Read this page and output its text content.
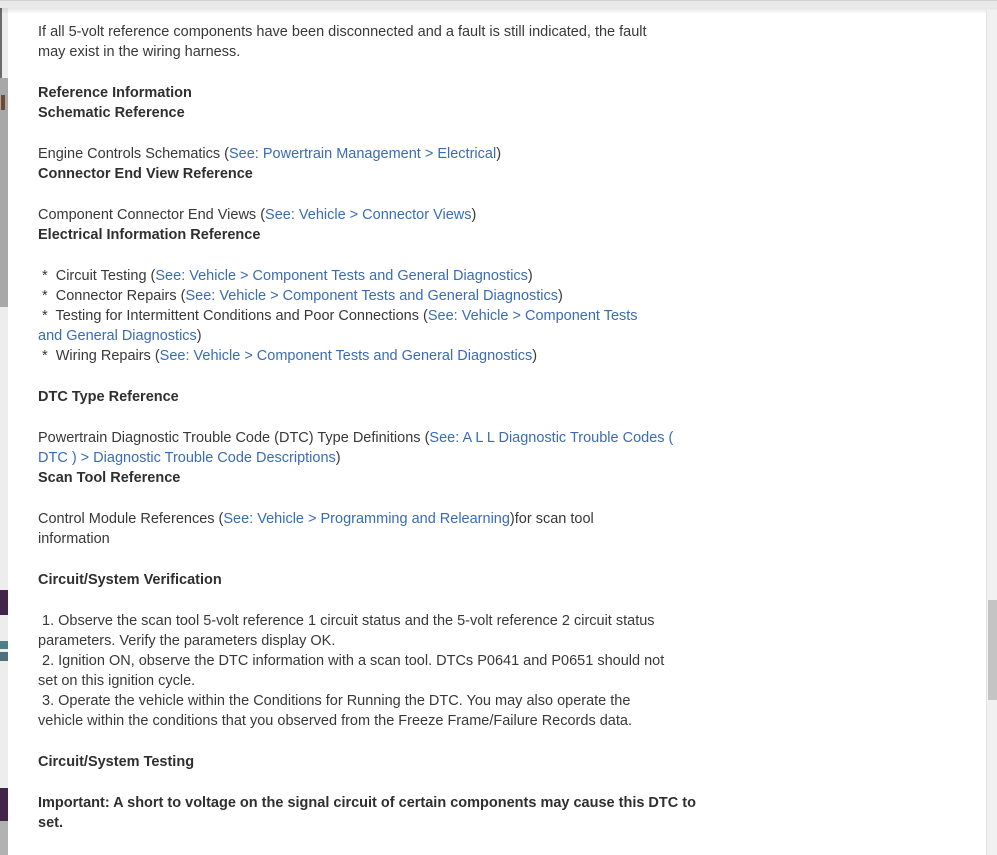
If all 5-volt reference components have been disconnected and a fault is still indicated, the fault
may exist in the wiring harness.

Reference Information
Schematic Reference

Engine Controls Schematics (See: Powertrain Management > Electrical)
Connector End View Reference

Component Connector End Views (See: Vehicle > Connector Views)
Electrical Information Reference

*  Circuit Testing (See: Vehicle > Component Tests and General Diagnostics)
*  Connector Repairs (See: Vehicle > Component Tests and General Diagnostics)
*  Testing for Intermittent Conditions and Poor Connections (See: Vehicle > Component Tests
and General Diagnostics)
*  Wiring Repairs (See: Vehicle > Component Tests and General Diagnostics)

DTC Type Reference

Powertrain Diagnostic Trouble Code (DTC) Type Definitions (See: A L L Diagnostic Trouble Codes (
DTC ) > Diagnostic Trouble Code Descriptions)
Scan Tool Reference

Control Module References (See: Vehicle > Programming and Relearning)for scan tool
information

Circuit/System Verification

1. Observe the scan tool 5-volt reference 1 circuit status and the 5-volt reference 2 circuit status
parameters. Verify the parameters display OK.
2. Ignition ON, observe the DTC information with a scan tool. DTCs P0641 and P0651 should not
set on this ignition cycle.
3. Operate the vehicle within the Conditions for Running the DTC. You may also operate the
vehicle within the conditions that you observed from the Freeze Frame/Failure Records data.

Circuit/System Testing

Important: A short to voltage on the signal circuit of certain components may cause this DTC to
set.
